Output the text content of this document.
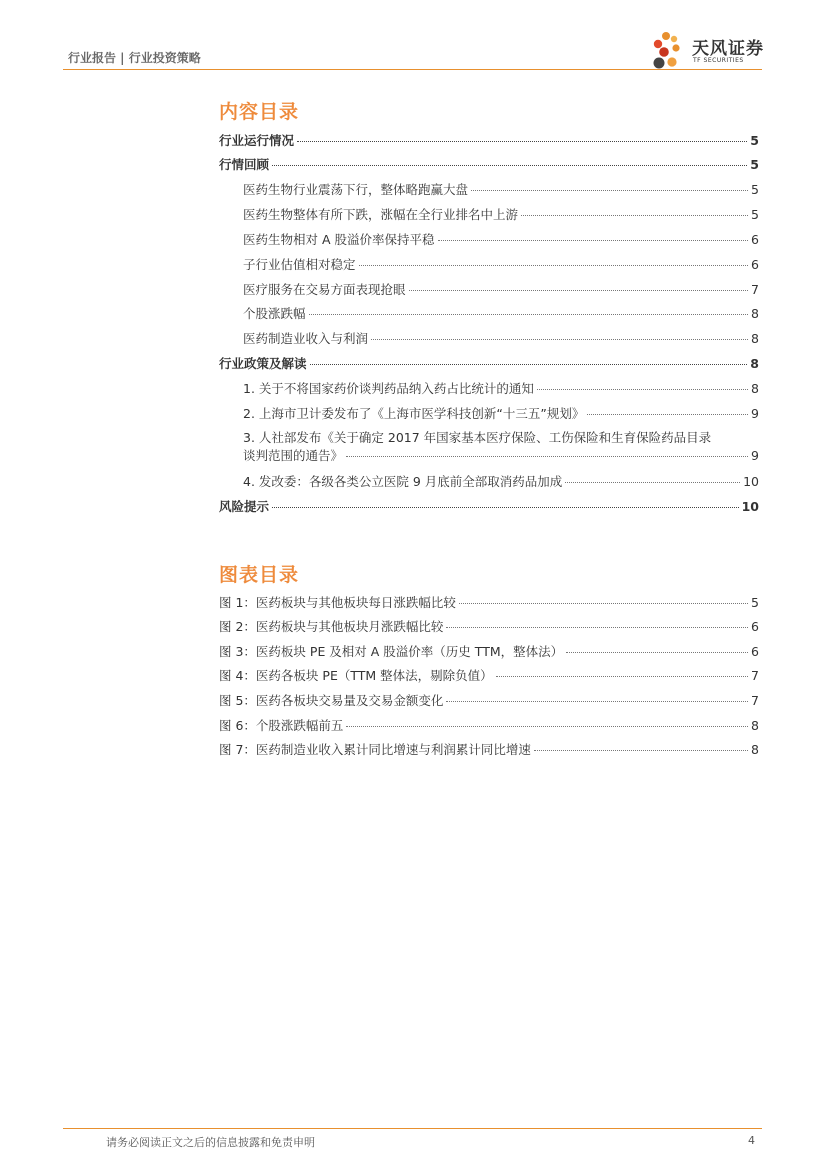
行业报告 | 行业投资策略	天风证券
TF SECURITIES
内容目录
行业运行情况	5
行情回顾	5
医药生物行业震荡下行，整体略跑赢大盘	5
医药生物整体有所下跌，涨幅在全行业排名中上游	5
医药生物相对 A 股溢价率保持平稳	6
子行业估值相对稳定	6
医疗服务在交易方面表现抢眼	7
个股涨跌幅	8
医药制造业收入与利润	8
行业政策及解读	8
1. 关于不将国家药价谈判药品纳入药占比统计的通知	8
2. 上海市卫计委发布了《上海市医学科技创新“十三五”规划》	9
3. 人社部发布《关于确定 2017 年国家基本医疗保险、工伤保险和生育保险药品目录
谈判范围的通告》	9
4. 发改委：各级各类公立医院 9 月底前全部取消药品加成	10
风险提示	10
图表目录
图 1：医药板块与其他板块每日涨跌幅比较	5
图 2：医药板块与其他板块月涨跌幅比较	6
图 3：医药板块 PE 及相对 A 股溢价率（历史 TTM，整体法）	6
图 4：医药各板块 PE（TTM 整体法，剔除负值）	7
图 5：医药各板块交易量及交易金额变化	7
图 6：个股涨跌幅前五	8
图 7：医药制造业收入累计同比增速与利润累计同比增速	8
请务必阅读正文之后的信息披露和免责申明	4
